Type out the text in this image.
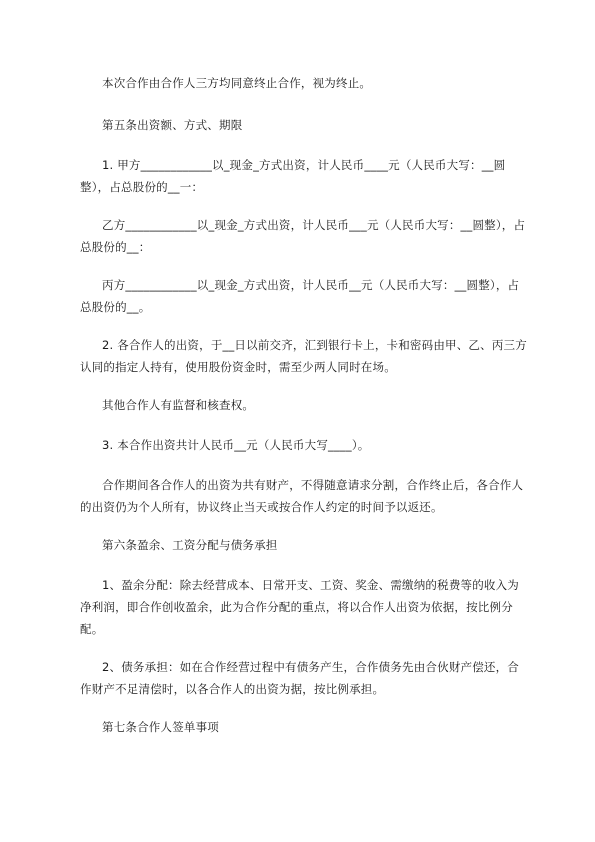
本次合作由合作人三方均同意终止合作，视为终止。

第五条出资额、方式、期限

1. 甲方____________以_现金_方式出资，计人民币____元（人民币大写：__圆整），占总股份的__一：

乙方____________以_现金_方式出资，计人民币___元（人民币大写：__圆整），占总股份的__：

丙方____________以_现金_方式出资，计人民币__元（人民币大写：__圆整），占总股份的__。

2. 各合作人的出资，于__日以前交齐，汇到银行卡上，卡和密码由甲、乙、丙三方认同的指定人持有，使用股份资金时，需至少两人同时在场。

其他合作人有监督和核查权。

3. 本合作出资共计人民币__元（人民币大写____）。

合作期间各合作人的出资为共有财产，不得随意请求分割，合作终止后，各合作人的出资仍为个人所有，协议终止当天或按合作人约定的时间予以返还。

第六条盈余、工资分配与债务承担

1、盈余分配：除去经营成本、日常开支、工资、奖金、需缴纳的税费等的收入为净利润，即合作创收盈余，此为合作分配的重点，将以合作人出资为依据，按比例分配。

2、债务承担：如在合作经营过程中有债务产生，合作债务先由合伙财产偿还，合作财产不足清偿时，以各合作人的出资为据，按比例承担。

第七条合作人签单事项
